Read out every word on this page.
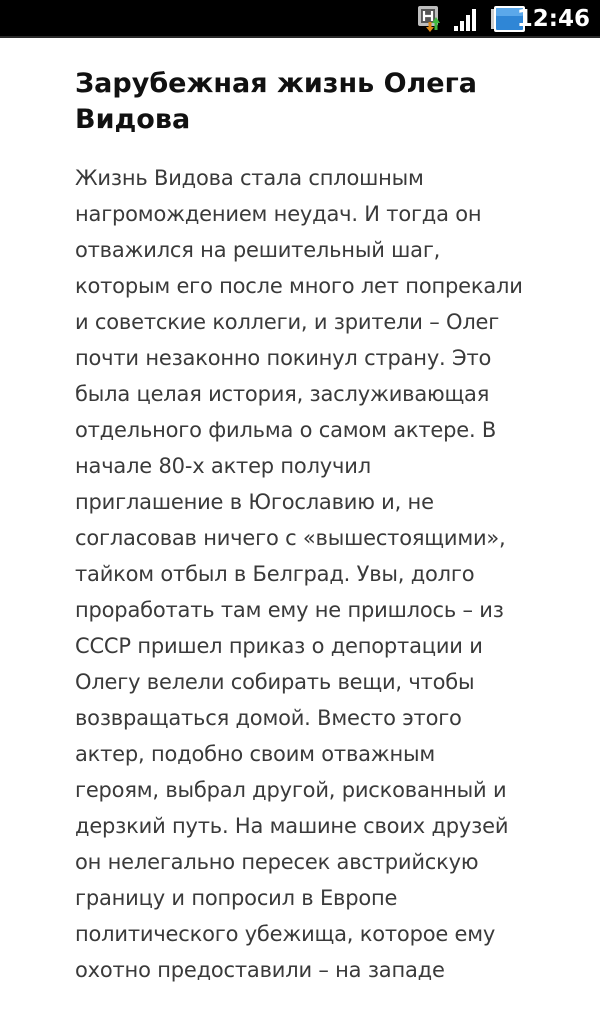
12:46
Зарубежная жизнь Олега Видова

Жизнь Видова стала сплошным нагромождением неудач. И тогда он отважился на решительный шаг, которым его после много лет попрекали и советские коллеги, и зрители – Олег почти незаконно покинул страну. Это была целая история, заслуживающая отдельного фильма о самом актере. В начале 80-х актер получил приглашение в Югославию и, не согласовав ничего с «вышестоящими», тайком отбыл в Белград. Увы, долго проработать там ему не пришлось – из СССР пришел приказ о депортации и Олегу велели собирать вещи, чтобы возвращаться домой. Вместо этого актер, подобно своим отважным героям, выбрал другой, рискованный и дерзкий путь. На машине своих друзей он нелегально пересек австрийскую границу и попросил в Европе политического убежища, которое ему охотно предоставили – на западе
